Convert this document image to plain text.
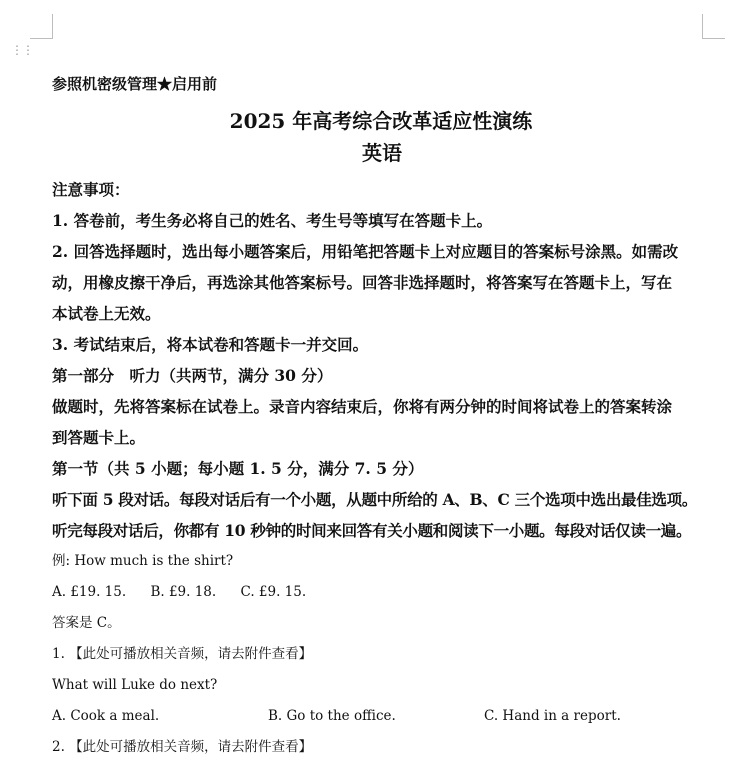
⋮⋮
参照机密级管理★启用前
2025 年高考综合改革适应性演练
英语
注意事项：
1. 答卷前，考生务必将自己的姓名、考生号等填写在答题卡上。
2. 回答选择题时，选出每小题答案后，用铅笔把答题卡上对应题目的答案标号涂黑。如需改
动，用橡皮擦干净后，再选涂其他答案标号。回答非选择题时，将答案写在答题卡上，写在
本试卷上无效。
3. 考试结束后，将本试卷和答题卡一并交回。
第一部分　听力（共两节，满分 30 分）
做题时，先将答案标在试卷上。录音内容结束后，你将有两分钟的时间将试卷上的答案转涂
到答题卡上。
第一节（共 5 小题；每小题 1. 5 分，满分 7. 5 分）
听下面 5 段对话。每段对话后有一个小题，从题中所给的 A、B、C 三个选项中选出最佳选项。
听完每段对话后，你都有 10 秒钟的时间来回答有关小题和阅读下一小题。每段对话仅读一遍。
例: How much is the shirt?
A. £19. 15. B. £9. 18. C. £9. 15.
答案是 C。
1. 【此处可播放相关音频，请去附件查看】
What will Luke do next?
A. Cook a meal.	B. Go to the office.	C. Hand in a report.
2. 【此处可播放相关音频，请去附件查看】
